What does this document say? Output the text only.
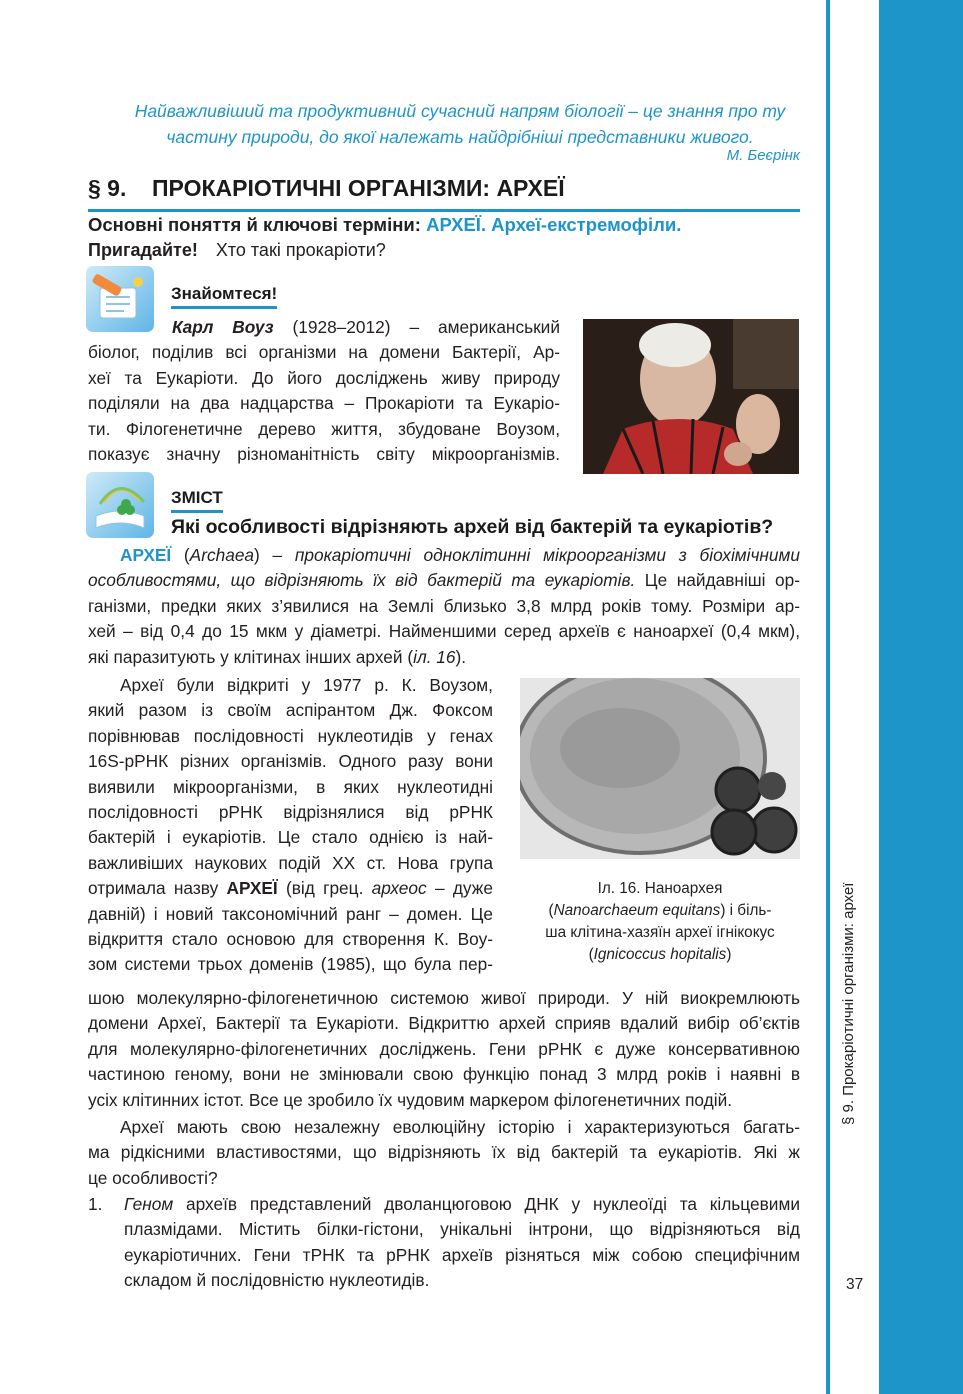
§ 9. Прокаріотичні організми: археї
37
Найважливіший та продуктивний сучасний напрям біології – це знання про ту
частину природи, до якої належать найдрібніші представники живого.
М. Беєрінк
§ 9. ПРОКАРІОТИЧНІ ОРГАНІЗМИ: АРХЕЇ
Основні поняття й ключові терміни: АРХЕЇ. Археї-екстремофіли.
Пригадайте! Хто такі прокаріоти?
Знайомтеся!

Карл Воуз (1928–2012) – американський

біолог, поділив всі організми на домени Бактерії, Ар-

хеї та Еукаріоти. До його досліджень живу природу

поділяли на два надцарства – Прокаріоти та Еукаріо-

ти. Філогенетичне дерево життя, збудоване Воузом,

показує значну різноманітність світу мікроорганізмів.

ЗМІСТ
Які особливості відрізняють архей від бактерій та еукаріотів?

АРХЕЇ (Archaea) – прокаріотичні одноклітинні мікроорганізми з біохімічними

особливостями, що відрізняють їх від бактерій та еукаріотів. Це найдавніші ор-

ганізми, предки яких з’явилися на Землі близько 3,8 млрд років тому. Розміри ар-

хей – від 0,4 до 15 мкм у діаметрі. Найменшими серед археїв є наноархеї (0,4 мкм),

які паразитують у клітинах інших архей (іл. 16).

Археї були відкриті у 1977 р. К. Воузом,

який разом із своїм аспірантом Дж. Фоксом

порівнював послідовності нуклеотидів у генах

16S-рРНК різних організмів. Одного разу вони

виявили мікроорганізми, в яких нуклеотидні

послідовності рРНК відрізнялися від рРНК

бактерій і еукаріотів. Це стало однією із най-

важливіших наукових подій ХХ ст. Нова група

отримала назву АРХЕЇ (від грец. археос – дуже

давній) і новий таксономічний ранг – домен. Це

відкриття стало основою для створення К. Воу-

зом системи трьох доменів (1985), що була пер-

шою молекулярно-філогенетичною системою живої природи. У ній виокремлюють

домени Археї, Бактерії та Еукаріоти. Відкриттю архей сприяв вдалий вибір об’єктів

для молекулярно-філогенетичних досліджень. Гени рРНК є дуже консервативною

частиною геному, вони не змінювали свою функцію понад 3 млрд років і наявні в

усіх клітинних істот. Все це зробило їх чудовим маркером філогенетичних подій.

Іл. 16. Наноархея
(Nanoarchaeum equitans) і біль-
ша клітина-хазяїн археї ігнікокус
(Ignicoccus hopitalis)

Археї мають свою незалежну еволюційну історію і характеризуються багать-

ма рідкісними властивостями, що відрізняють їх від бактерій та еукаріотів. Які ж

це особливості?

1. Геном археїв представлений дволанцюговою ДНК у нуклеоїді та кільцевими

плазмідами. Містить білки-гістони, унікальні інтрони, що відрізняються від

еукаріотичних. Гени тРНК та рРНК археїв різняться між собою специфічним

складом й послідовністю нуклеотидів.
